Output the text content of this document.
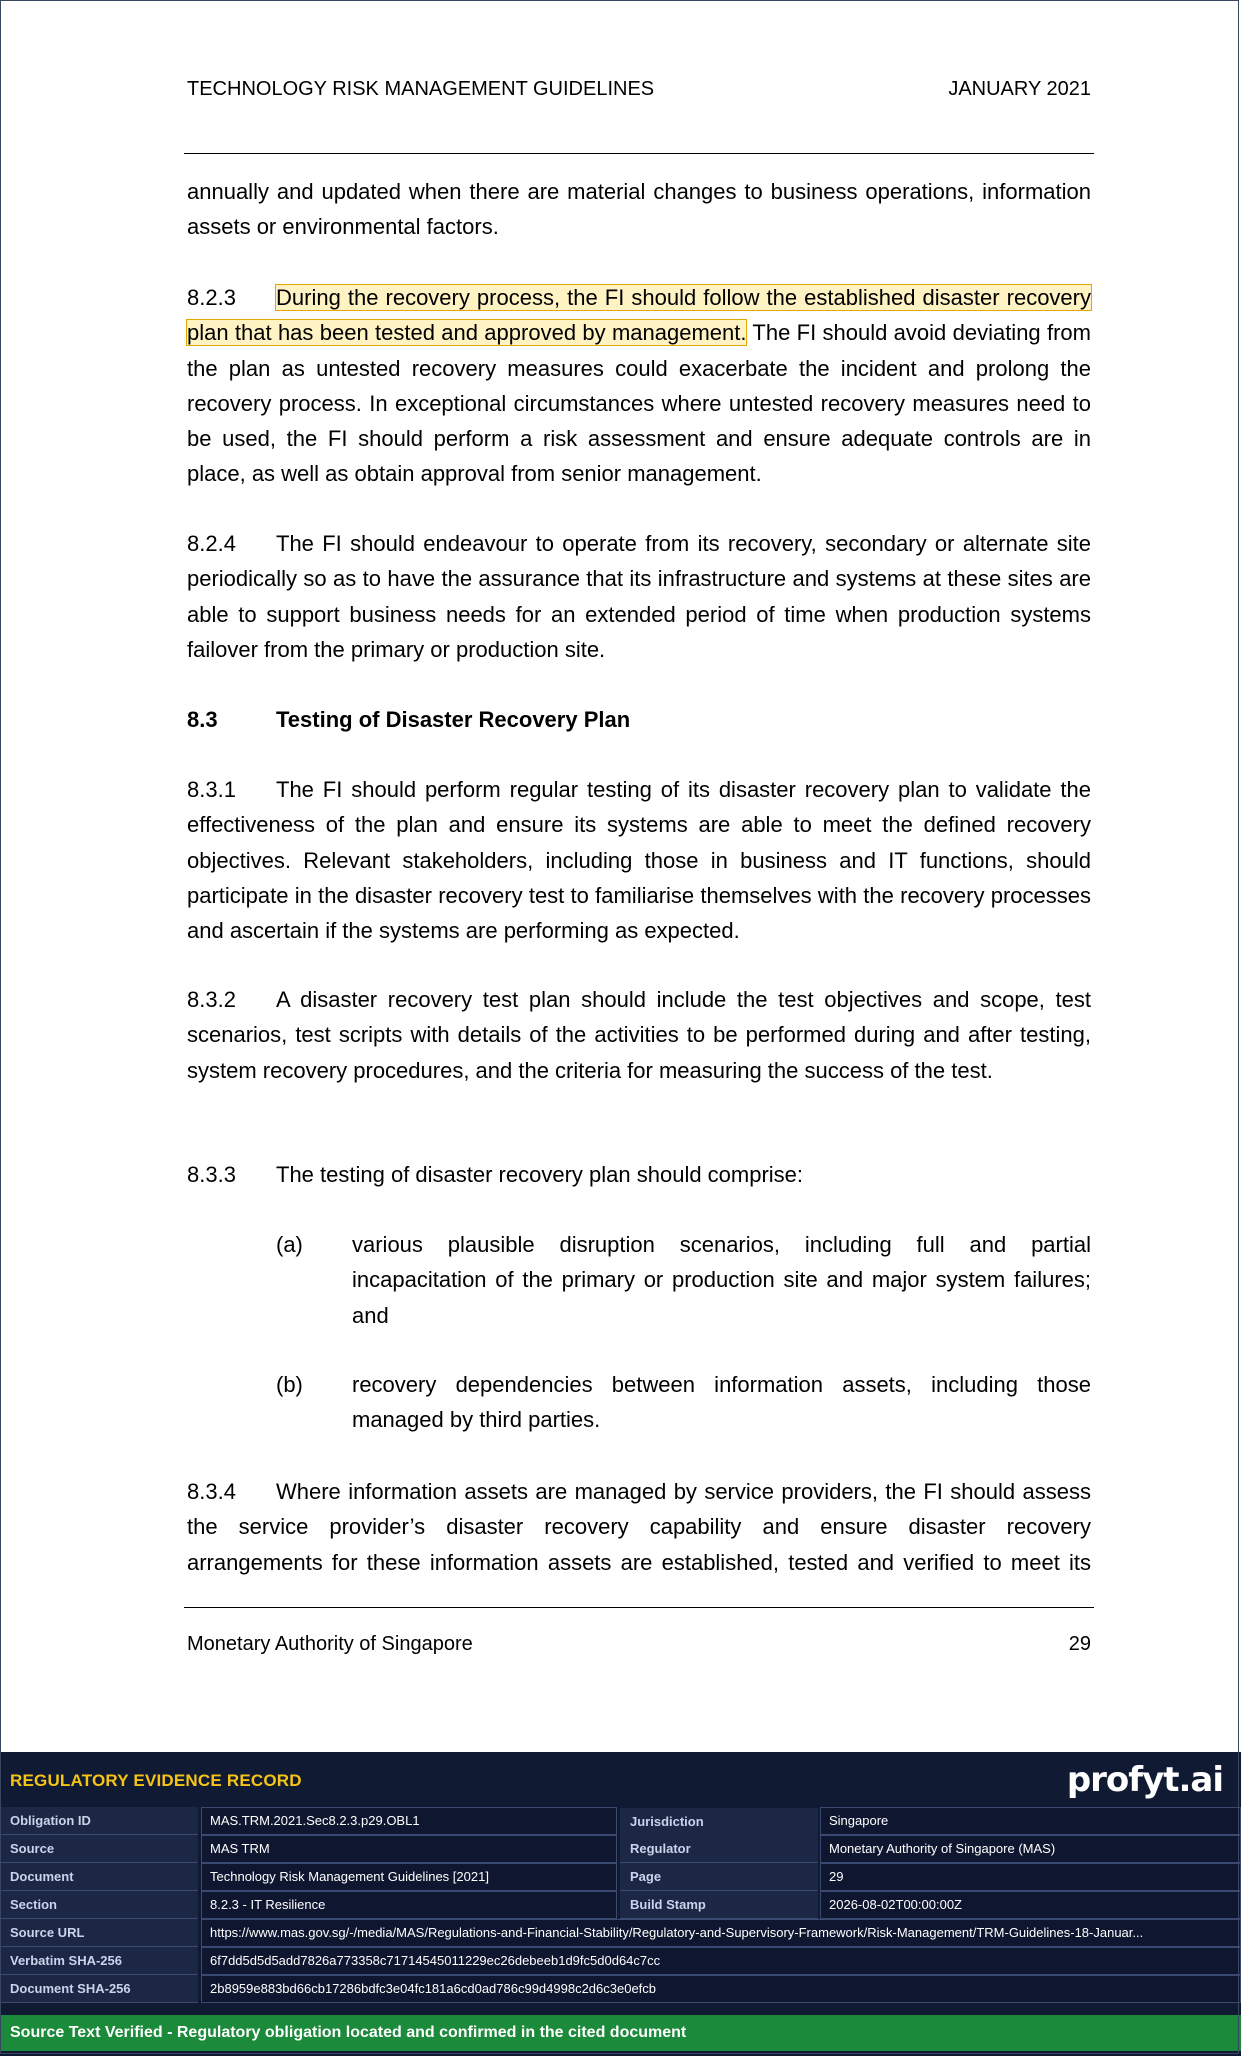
TECHNOLOGY RISK MANAGEMENT GUIDELINES	JANUARY 2021

annually and updated when there are material changes to business operations, information assets or environmental factors.

8.2.3 During the recovery process, the FI should follow the established disaster recovery plan that has been tested and approved by management. The FI should avoid deviating from the plan as untested recovery measures could exacerbate the incident and prolong the recovery process. In exceptional circumstances where untested recovery measures need to be used, the FI should perform a risk assessment and ensure adequate controls are in place, as well as obtain approval from senior management.

8.2.4 The FI should endeavour to operate from its recovery, secondary or alternate site periodically so as to have the assurance that its infrastructure and systems at these sites are able to support business needs for an extended period of time when production systems failover from the primary or production site.

8.3	Testing of Disaster Recovery Plan

8.3.1 The FI should perform regular testing of its disaster recovery plan to validate the effectiveness of the plan and ensure its systems are able to meet the defined recovery objectives. Relevant stakeholders, including those in business and IT functions, should participate in the disaster recovery test to familiarise themselves with the recovery processes and ascertain if the systems are performing as expected.

8.3.2 A disaster recovery test plan should include the test objectives and scope, test scenarios, test scripts with details of the activities to be performed during and after testing, system recovery procedures, and the criteria for measuring the success of the test.

8.3.3 The testing of disaster recovery plan should comprise:

(a) various plausible disruption scenarios, including full and partial incapacitation of the primary or production site and major system failures; and
(b) recovery dependencies between information assets, including those managed by third parties.

8.3.4 Where information assets are managed by service providers, the FI should assess the service provider’s disaster recovery capability and ensure disaster recovery arrangements for these information assets are established, tested and verified to meet its

Monetary Authority of Singapore	29
REGULATORY EVIDENCE RECORD	profyt.ai
Obligation ID	MAS.TRM.2021.Sec8.2.3.p29.OBL1
Source	MAS TRM
Document	Technology Risk Management Guidelines [2021]
Section	8.2.3 - IT Resilience
Jurisdiction	Singapore
Regulator	Monetary Authority of Singapore (MAS)
Page	29
Build Stamp	2026-08-02T00:00:00Z
Source URL	https://www.mas.gov.sg/-/media/MAS/Regulations-and-Financial-Stability/Regulatory-and-Supervisory-Framework/Risk-Management/TRM-Guidelines-18-Januar...
Verbatim SHA-256	6f7dd5d5d5add7826a773358c71714545011229ec26debeeb1d9fc5d0d64c7cc
Document SHA-256	2b8959e883bd66cb17286bdfc3e04fc181a6cd0ad786c99d4998c2d6c3e0efcb
Source Text Verified - Regulatory obligation located and confirmed in the cited document
